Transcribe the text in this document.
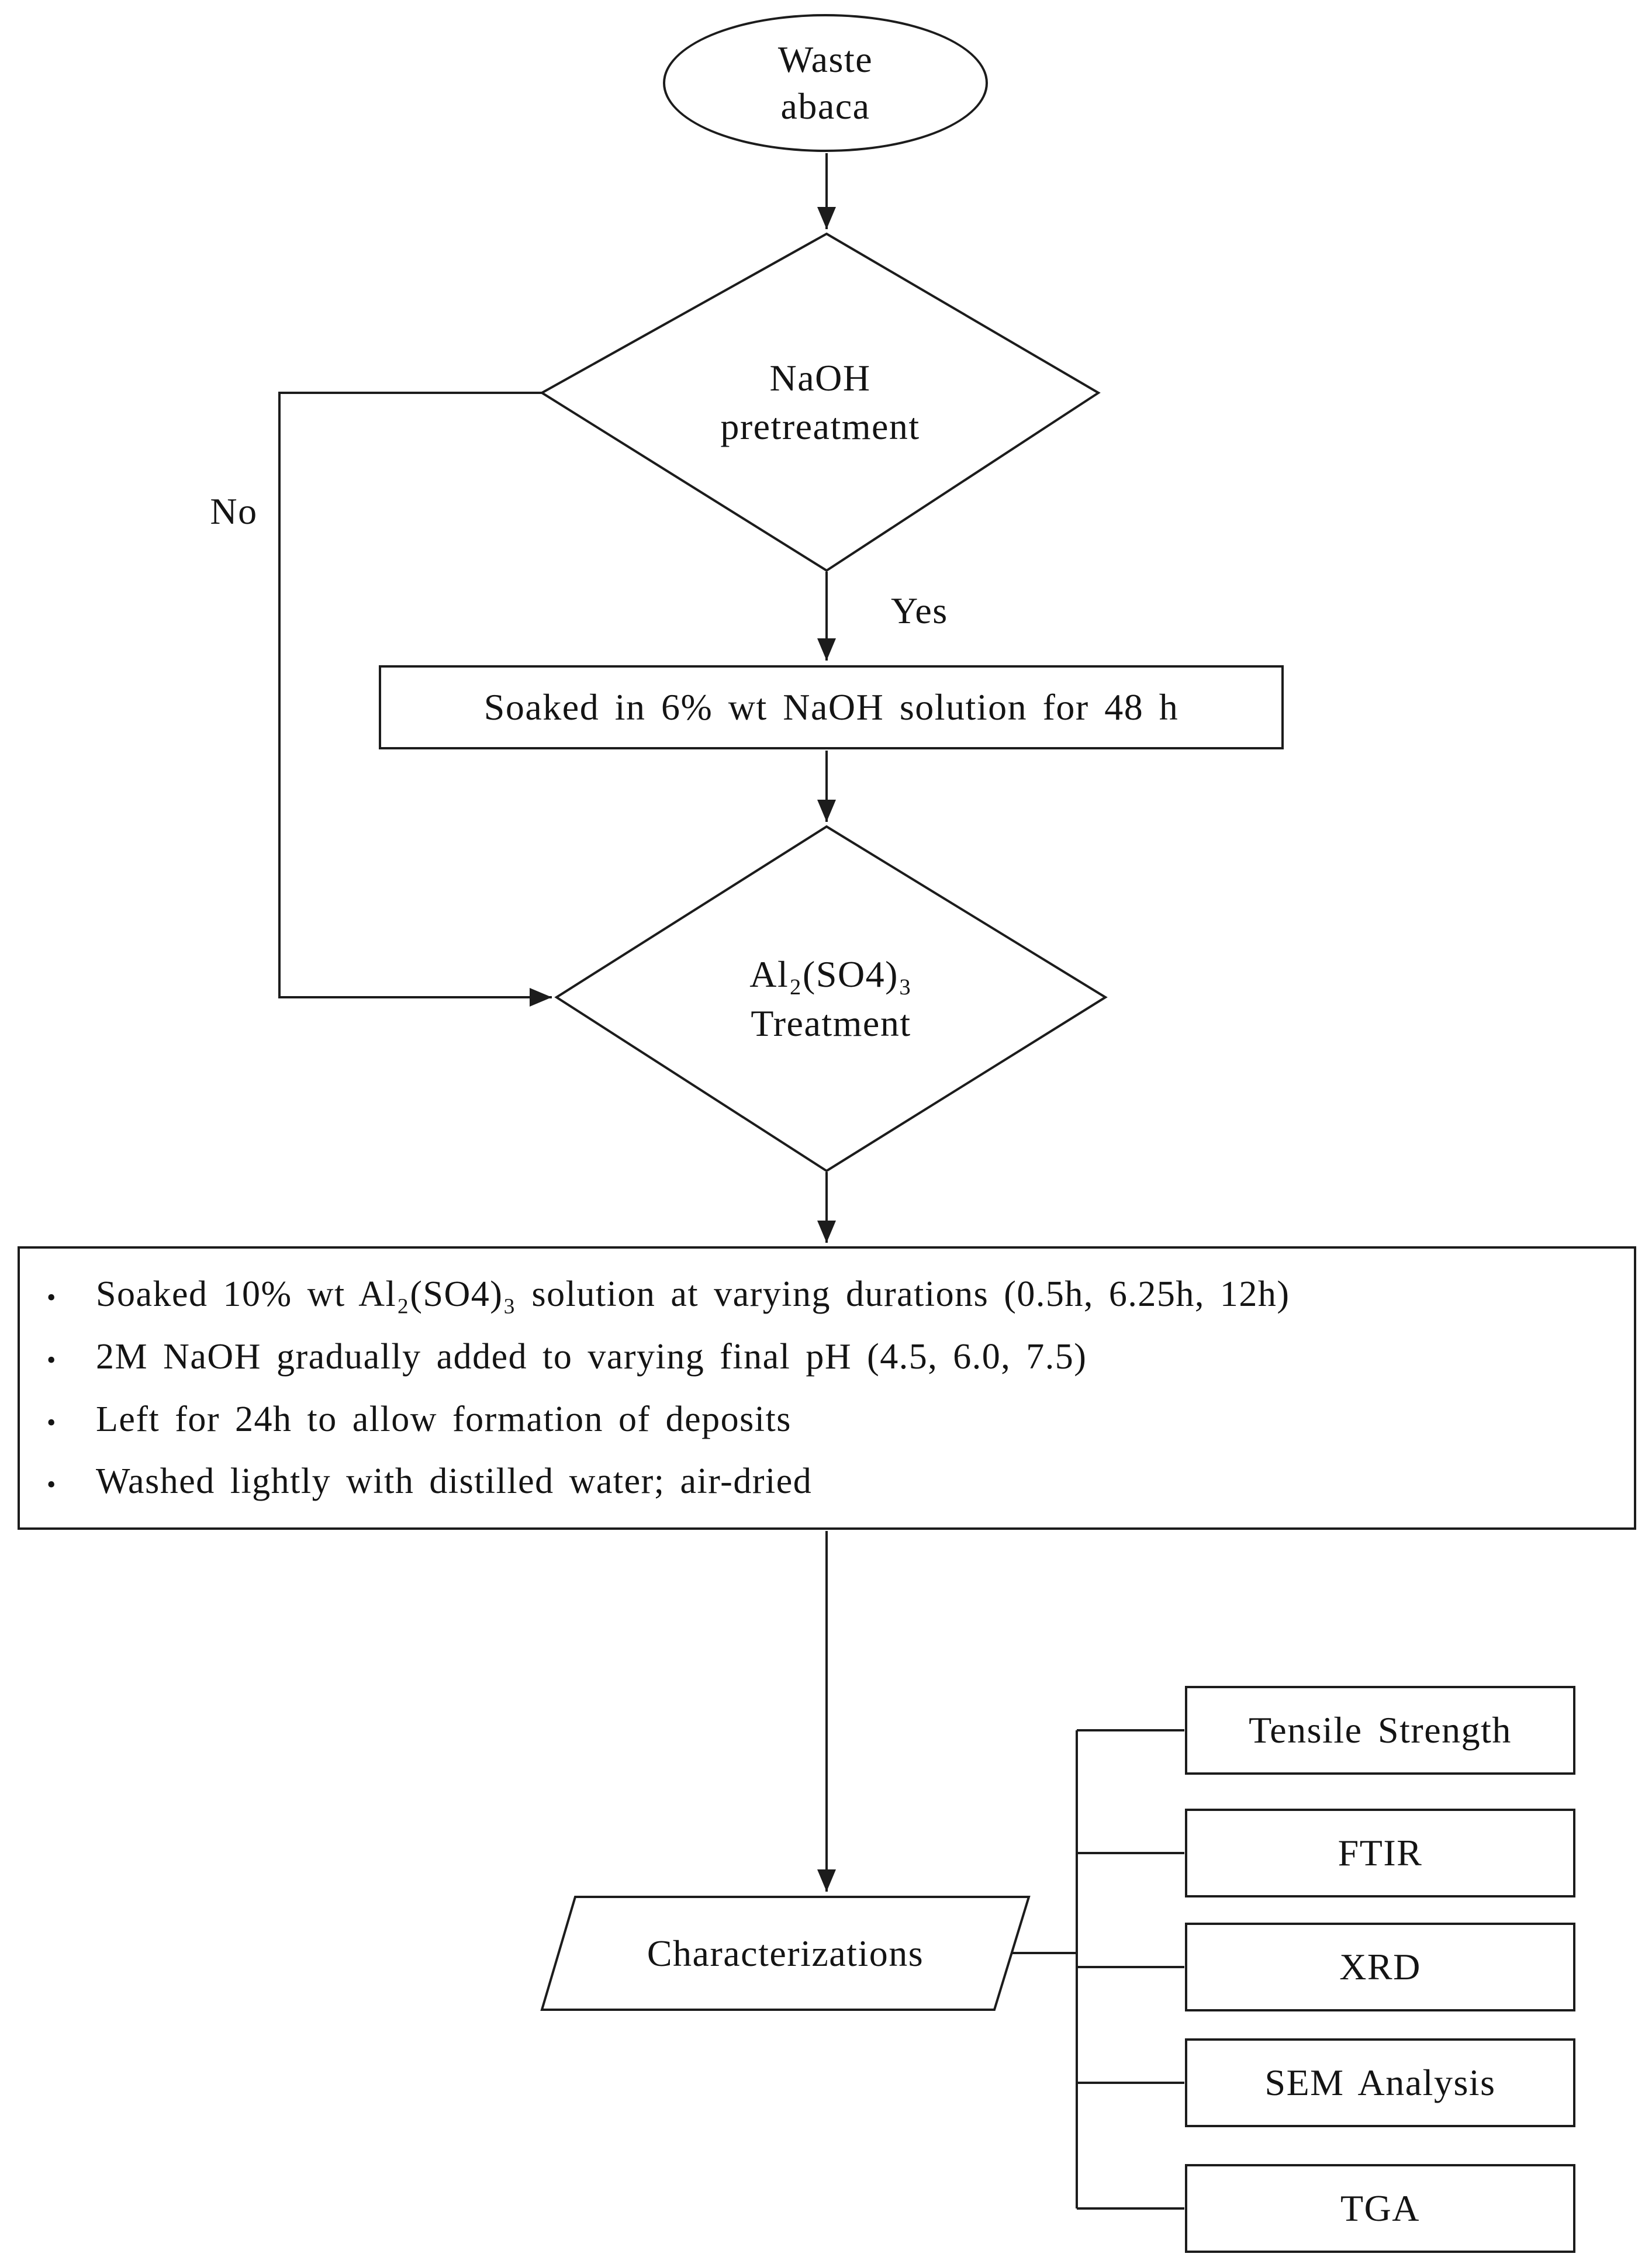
Waste
abaca
NaOH
pretreatment
No
Yes
Soaked in 6% wt NaOH solution for 48 h
Al₂(SO4)₃
Treatment
• Soaked 10% wt Al₂(SO4)₃ solution at varying durations (0.5h, 6.25h, 12h)
• 2M NaOH gradually added to varying final pH (4.5, 6.0, 7.5)
• Left for 24h to allow formation of deposits
• Washed lightly with distilled water; air-dried
Characterizations
Tensile Strength
FTIR
XRD
SEM Analysis
TGA
